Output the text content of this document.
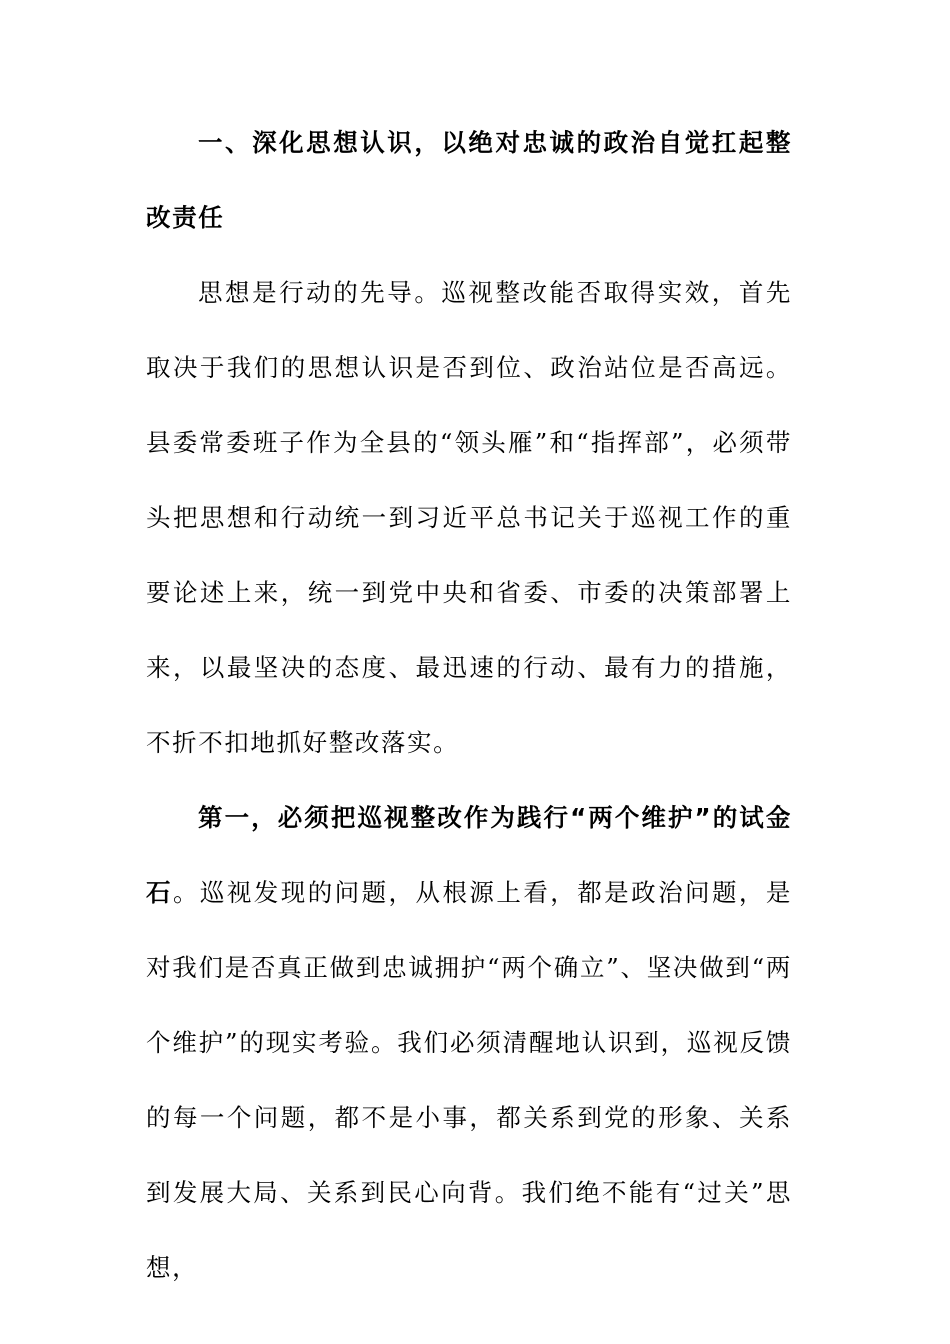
一、深化思想认识，以绝对忠诚的政治自觉扛起整改责任

思想是行动的先导。巡视整改能否取得实效，首先取决于我们的思想认识是否到位、政治站位是否高远。县委常委班子作为全县的“领头雁”和“指挥部”，必须带头把思想和行动统一到习近平总书记关于巡视工作的重要论述上来，统一到党中央和省委、市委的决策部署上来，以最坚决的态度、最迅速的行动、最有力的措施，不折不扣地抓好整改落实。

第一，必须把巡视整改作为践行“两个维护”的试金石。巡视发现的问题，从根源上看，都是政治问题，是对我们是否真正做到忠诚拥护“两个确立”、坚决做到“两个维护”的现实考验。我们必须清醒地认识到，巡视反馈的每一个问题，都不是小事，都关系到党的形象、关系到发展大局、关系到民心向背。我们绝不能有“过关”思想，
